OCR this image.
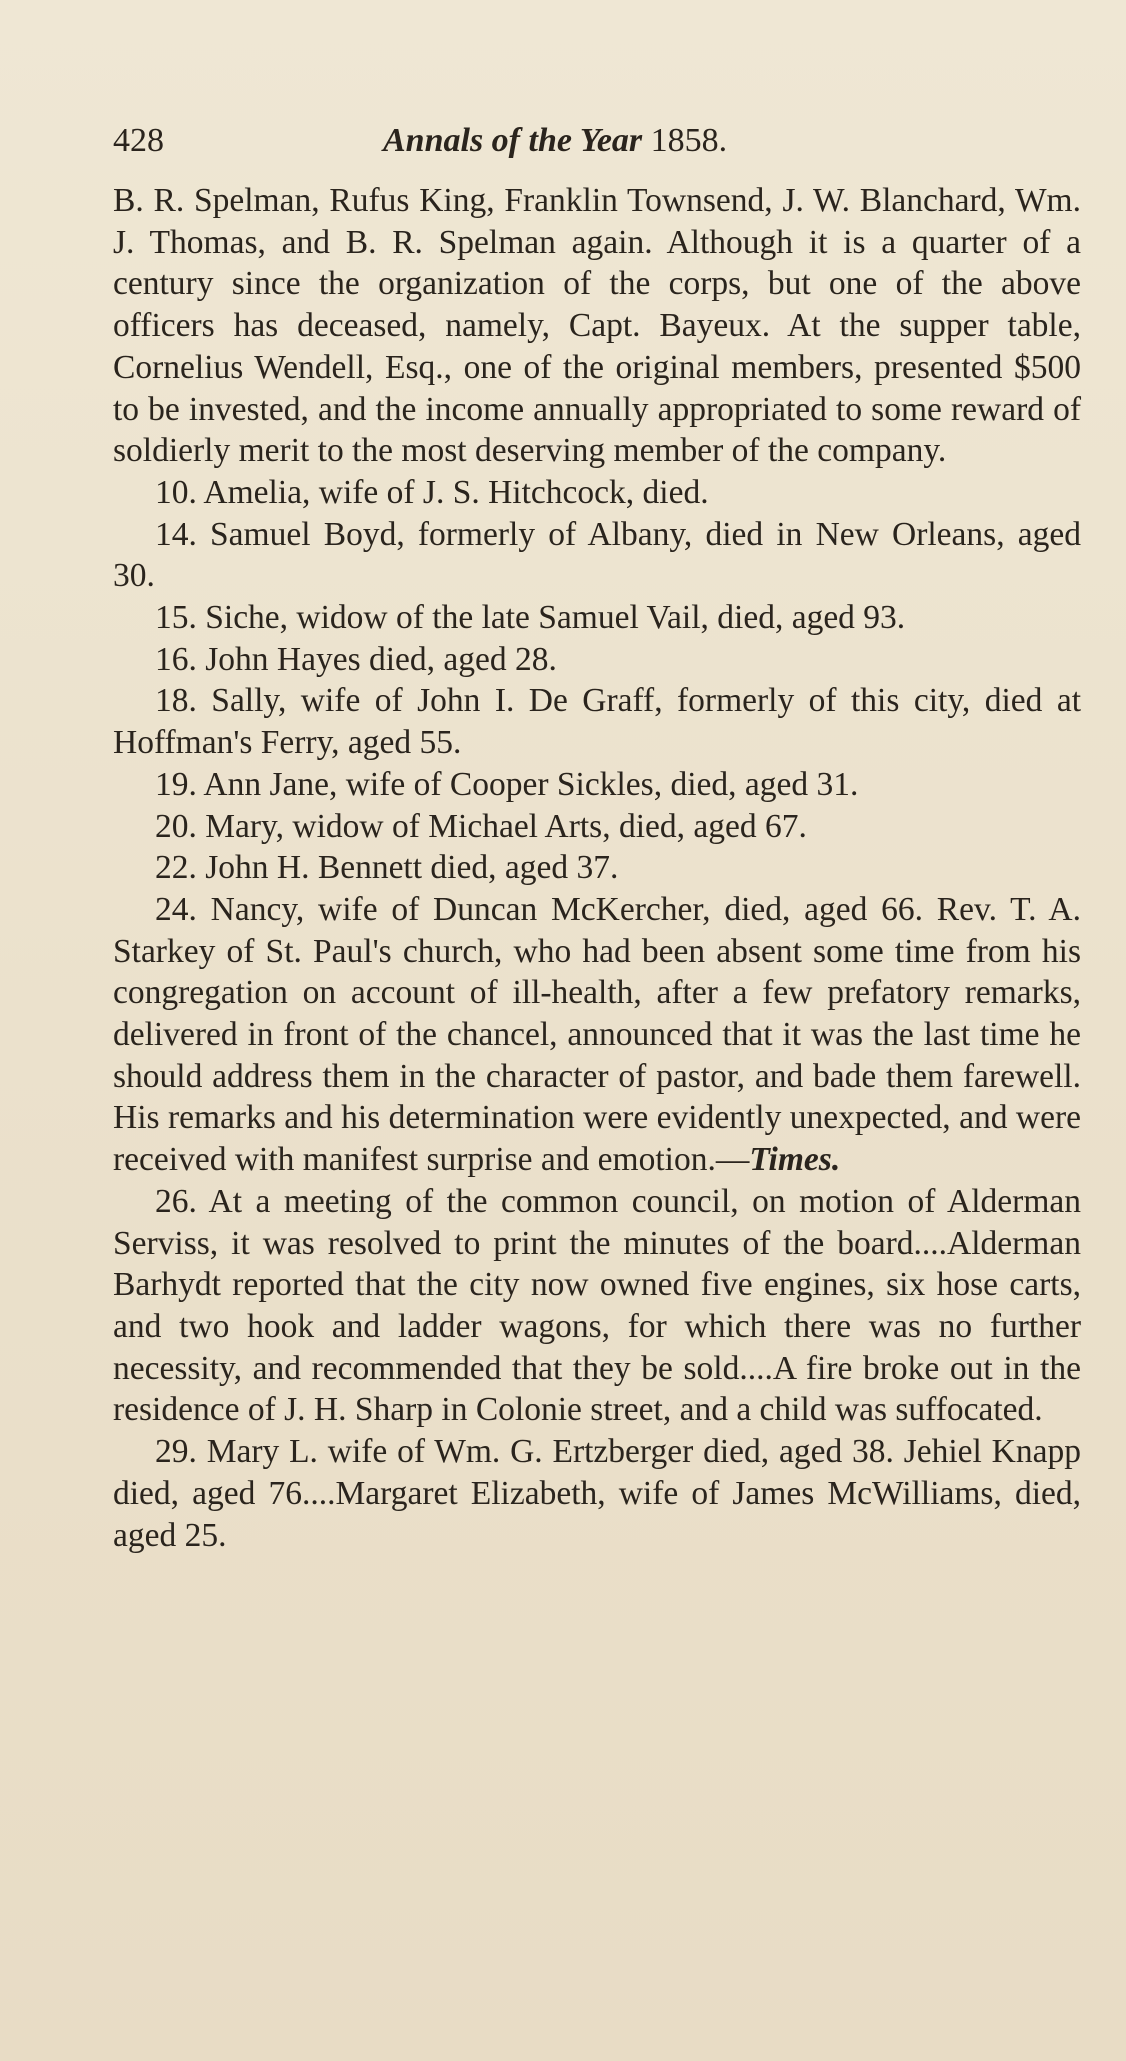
428	Annals of the Year 1858.

B. R. Spelman, Rufus King, Franklin Townsend, J. W. Blanchard, Wm. J. Thomas, and B. R. Spelman again. Although it is a quarter of a century since the organization of the corps, but one of the above officers has deceased, namely, Capt. Bayeux. At the supper table, Cornelius Wendell, Esq., one of the original members, presented $500 to be invested, and the income annually appropriated to some reward of soldierly merit to the most deserving member of the company.

10. Amelia, wife of J. S. Hitchcock, died.

14. Samuel Boyd, formerly of Albany, died in New Orleans, aged 30.

15. Siche, widow of the late Samuel Vail, died, aged 93.

16. John Hayes died, aged 28.

18. Sally, wife of John I. De Graff, formerly of this city, died at Hoffman's Ferry, aged 55.

19. Ann Jane, wife of Cooper Sickles, died, aged 31.

20. Mary, widow of Michael Arts, died, aged 67.

22. John H. Bennett died, aged 37.

24. Nancy, wife of Duncan McKercher, died, aged 66. Rev. T. A. Starkey of St. Paul's church, who had been absent some time from his congregation on account of ill-health, after a few prefatory remarks, delivered in front of the chancel, announced that it was the last time he should address them in the character of pastor, and bade them farewell. His remarks and his determination were evidently unexpected, and were received with manifest surprise and emotion.—Times.

26. At a meeting of the common council, on motion of Alderman Serviss, it was resolved to print the minutes of the board....Alderman Barhydt reported that the city now owned five engines, six hose carts, and two hook and ladder wagons, for which there was no further necessity, and recommended that they be sold....A fire broke out in the residence of J. H. Sharp in Colonie street, and a child was suffocated.

29. Mary L. wife of Wm. G. Ertzberger died, aged 38. Jehiel Knapp died, aged 76....Margaret Elizabeth, wife of James McWilliams, died, aged 25.
